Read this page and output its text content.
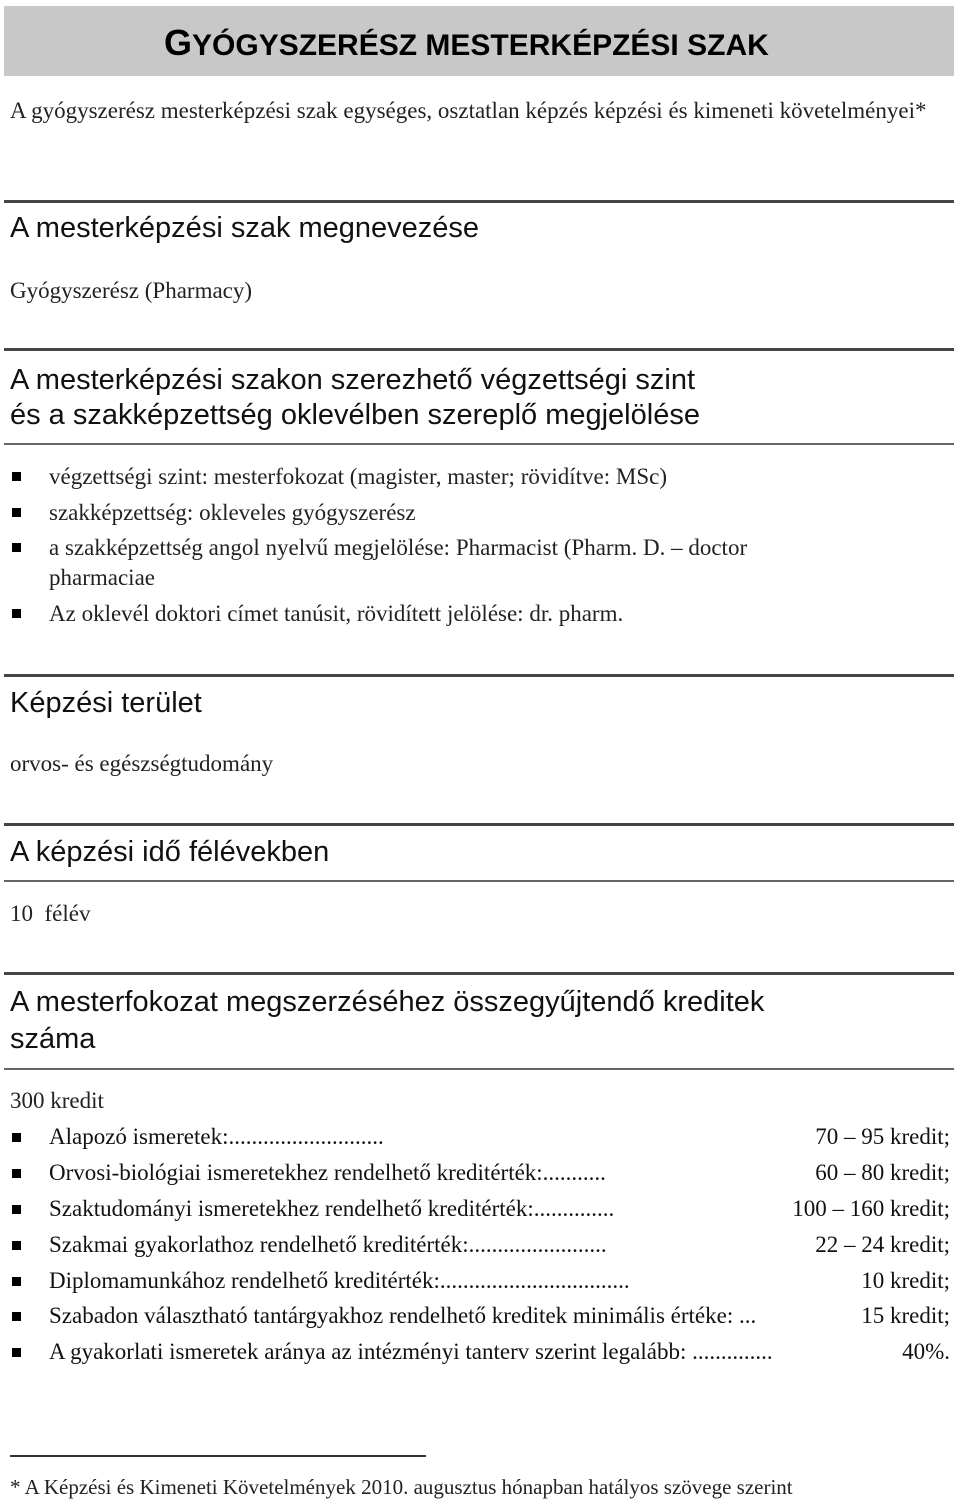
GYÓGYSZERÉSZ MESTERKÉPZÉSI SZAK
A gyógyszerész mesterképzési szak egységes, osztatlan képzés képzési és kimeneti követelményei*
A mesterképzési szak megnevezése
Gyógyszerész (Pharmacy)
A mesterképzési szakon szerezhető végzettségi szint
és a szakképzettség oklevélben szereplő megjelölése
végzettségi szint: mesterfokozat (magister, master; rövidítve: MSc)
szakképzettség: okleveles gyógyszerész
a szakképzettség angol nyelvű megjelölése: Pharmacist (Pharm. D. – doctor
pharmaciae
Az oklevél doktori címet tanúsit, rövidített jelölése: dr. pharm.
Képzési terület
orvos- és egészségtudomány
A képzési idő félévekben
10  félév
A mesterfokozat megszerzéséhez összegyűjtendő kreditek
száma
300 kredit
Alapozó ismeretek:...........................	70 – 95 kredit;
Orvosi-biológiai ismeretekhez rendelhető kreditérték:...........	60 – 80 kredit;
Szaktudományi ismeretekhez rendelhető kreditérték:..............	100 – 160 kredit;
Szakmai gyakorlathoz rendelhető kreditérték:........................	22 – 24 kredit;
Diplomamunkához rendelhető kreditérték:.................................	10 kredit;
Szabadon választható tantárgyakhoz rendelhető kreditek minimális értéke: ...	15 kredit;
A gyakorlati ismeretek aránya az intézményi tanterv szerint legalább: ..............	40%.
* A Képzési és Kimeneti Követelmények 2010. augusztus hónapban hatályos szövege szerint
